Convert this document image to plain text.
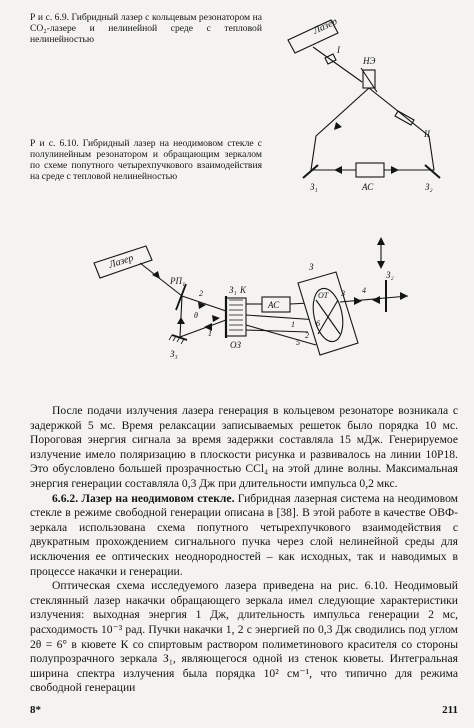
Р и с. 6.9. Гибридный лазер с кольцевым резонатором на CO₂-лазере и нелинейной среде с тепловой нелинейностью

Лазер
I
НЭ
II
З₁	АС	З₂

Р и с. 6.10. Гибридный лазер на неодимовом стекле с полулинейным резонатором и обращающим зеркалом по схеме попутного четырехпучкового взаимодействия на среде с тепловой нелинейностью

Лазер
РП₁
З₁ К
ОЗ
АС
З
ОТ
З₂
З₃
2
1
θ
1
2
5
6
3 4

После подачи излучения лазера генерация в кольцевом резонаторе возникала с задержкой 5 мс. Время релаксации записываемых решеток было порядка 10 мс. Пороговая энергия сигнала за время задержки составляла 15 мДж. Генерируемое излучение имело поляризацию в плоскости рисунка и развивалось на линии 10P18. Это обусловлено большей прозрачностью CCl₄ на этой длине волны. Максимальная энергия генерации составляла 0,3 Дж при длительности импульса 0,2 мкс.

6.6.2. Лазер на неодимовом стекле. Гибридная лазерная система на неодимовом стекле в режиме свободной генерации описана в [38]. В этой работе в качестве ОВФ-зеркала использована схема попутного четырехпучкового взаимодействия с двукратным прохождением сигнального пучка через слой нелинейной среды для исключения ее оптических неоднородностей – как исходных, так и наводимых в процессе накачки и генерации.

Оптическая схема исследуемого лазера приведена на рис. 6.10. Неодимовый стеклянный лазер накачки обращающего зеркала имел следующие характеристики излучения: выходная энергия 1 Дж, длительность импульса генерации 2 мс, расходимость 10⁻³ рад. Пучки накачки 1, 2 с энергией по 0,3 Дж сводились под углом 2θ = 6° в кювете К со спиртовым раствором полиметинового красителя со стороны полупрозрачного зеркала З₁, являющегося одной из стенок кюветы. Интегральная ширина спектра излучения была порядка 10² см⁻¹, что типично для режима свободной генерации

8*	211
